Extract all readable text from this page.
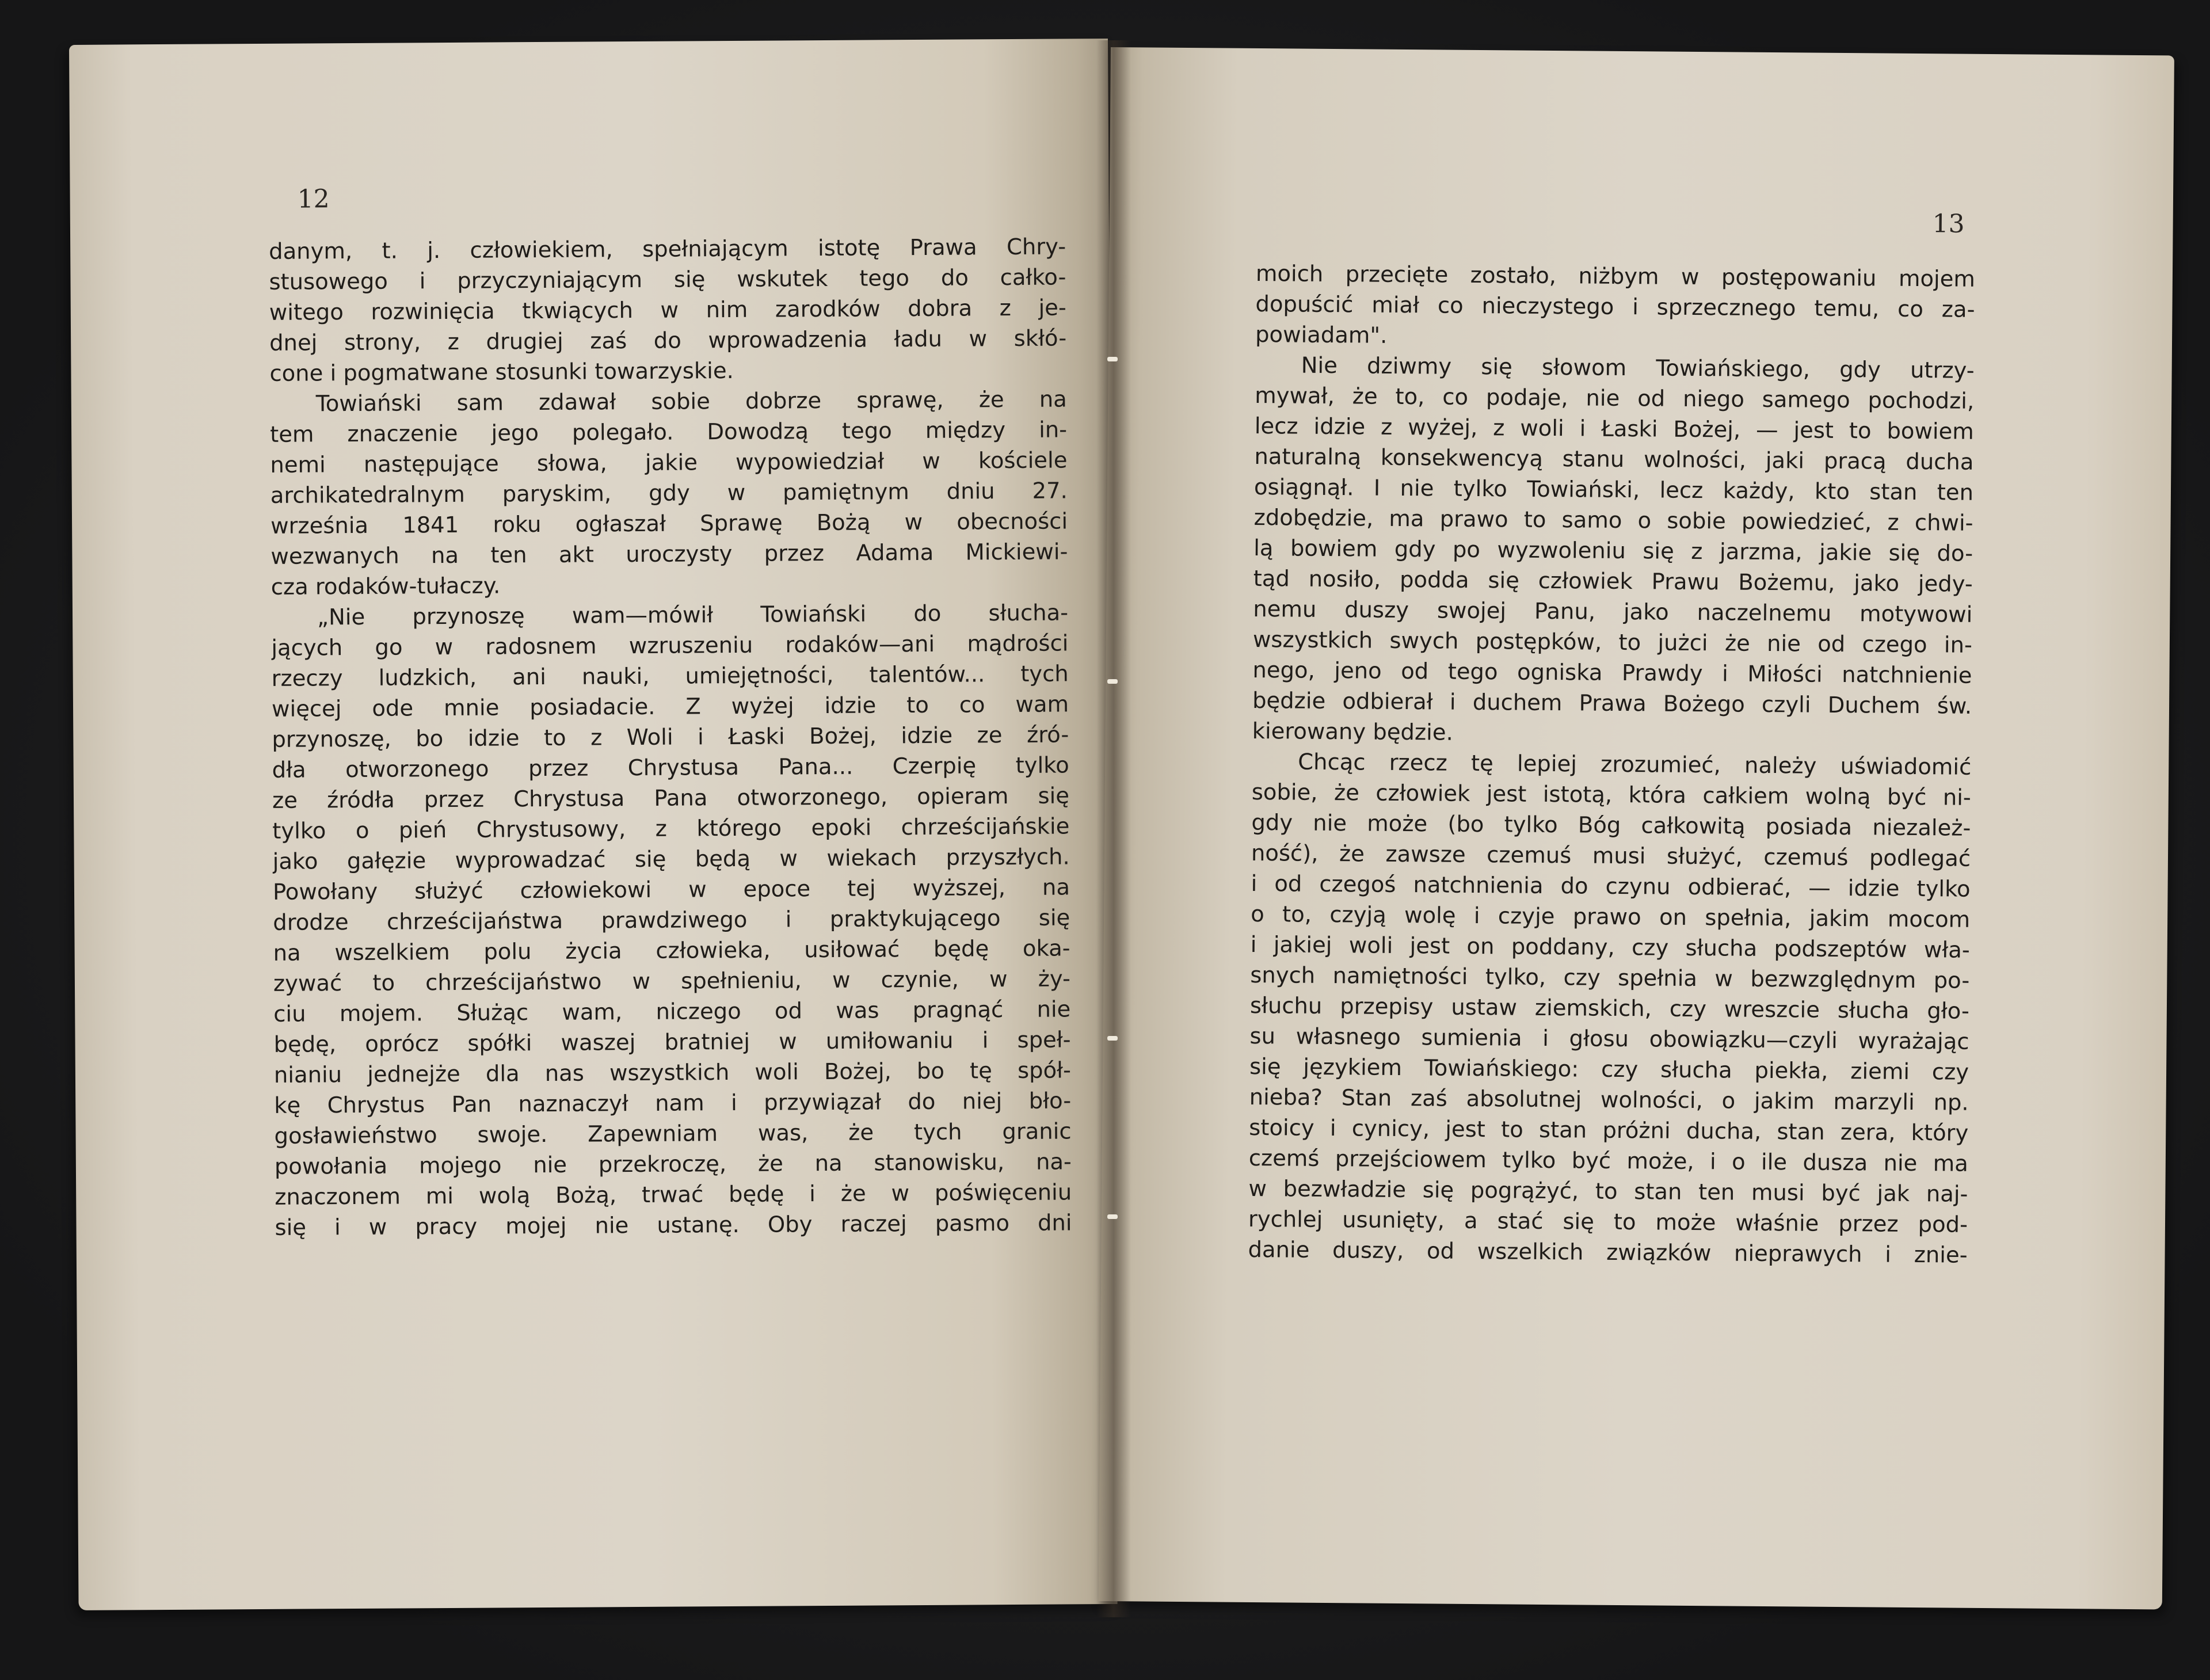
12
danym, t. j. człowiekiem, spełniającym istotę Prawa Chry-
stusowego i przyczyniającym się wskutek tego do całko-
witego rozwinięcia tkwiących w nim zarodków dobra z je-
dnej strony, z drugiej zaś do wprowadzenia ładu w skłó-
cone i pogmatwane stosunki towarzyskie.
Towiański sam zdawał sobie dobrze sprawę, że na
tem znaczenie jego polegało. Dowodzą tego między in-
nemi następujące słowa, jakie wypowiedział w kościele
archikatedralnym paryskim, gdy w pamiętnym dniu 27.
września 1841 roku ogłaszał Sprawę Bożą w obecności
wezwanych na ten akt uroczysty przez Adama Mickiewi-
cza rodaków-tułaczy.
„Nie przynoszę wam—mówił Towiański do słucha-
jących go w radosnem wzruszeniu rodaków—ani mądrości
rzeczy ludzkich, ani nauki, umiejętności, talentów... tych
więcej ode mnie posiadacie. Z wyżej idzie to co wam
przynoszę, bo idzie to z Woli i Łaski Bożej, idzie ze źró-
dła otworzonego przez Chrystusa Pana... Czerpię tylko
ze źródła przez Chrystusa Pana otworzonego, opieram się
tylko o pień Chrystusowy, z którego epoki chrześcijańskie
jako gałęzie wyprowadzać się będą w wiekach przyszłych.
Powołany służyć człowiekowi w epoce tej wyższej, na
drodze chrześcijaństwa prawdziwego i praktykującego się
na wszelkiem polu życia człowieka, usiłować będę oka-
zywać to chrześcijaństwo w spełnieniu, w czynie, w ży-
ciu mojem. Służąc wam, niczego od was pragnąć nie
będę, oprócz spółki waszej bratniej w umiłowaniu i speł-
nianiu jednejże dla nas wszystkich woli Bożej, bo tę spół-
kę Chrystus Pan naznaczył nam i przywiązał do niej bło-
gosławieństwo swoje. Zapewniam was, że tych granic
powołania mojego nie przekroczę, że na stanowisku, na-
znaczonem mi wolą Bożą, trwać będę i że w poświęceniu
się i w pracy mojej nie ustanę. Oby raczej pasmo dni
13
moich przecięte zostało, niżbym w postępowaniu mojem
dopuścić miał co nieczystego i sprzecznego temu, co za-
powiadam".
Nie dziwmy się słowom Towiańskiego, gdy utrzy-
mywał, że to, co podaje, nie od niego samego pochodzi,
lecz idzie z wyżej, z woli i Łaski Bożej, — jest to bowiem
naturalną konsekwencyą stanu wolności, jaki pracą ducha
osiągnął. I nie tylko Towiański, lecz każdy, kto stan ten
zdobędzie, ma prawo to samo o sobie powiedzieć, z chwi-
lą bowiem gdy po wyzwoleniu się z jarzma, jakie się do-
tąd nosiło, podda się człowiek Prawu Bożemu, jako jedy-
nemu duszy swojej Panu, jako naczelnemu motywowi
wszystkich swych postępków, to jużci że nie od czego in-
nego, jeno od tego ogniska Prawdy i Miłości natchnienie
będzie odbierał i duchem Prawa Bożego czyli Duchem św.
kierowany będzie.
Chcąc rzecz tę lepiej zrozumieć, należy uświadomić
sobie, że człowiek jest istotą, która całkiem wolną być ni-
gdy nie może (bo tylko Bóg całkowitą posiada niezależ-
ność), że zawsze czemuś musi służyć, czemuś podlegać
i od czegoś natchnienia do czynu odbierać, — idzie tylko
o to, czyją wolę i czyje prawo on spełnia, jakim mocom
i jakiej woli jest on poddany, czy słucha podszeptów wła-
snych namiętności tylko, czy spełnia w bezwzględnym po-
słuchu przepisy ustaw ziemskich, czy wreszcie słucha gło-
su własnego sumienia i głosu obowiązku—czyli wyrażając
się językiem Towiańskiego: czy słucha piekła, ziemi czy
nieba? Stan zaś absolutnej wolności, o jakim marzyli np.
stoicy i cynicy, jest to stan próżni ducha, stan zera, który
czemś przejściowem tylko być może, i o ile dusza nie ma
w bezwładzie się pogrążyć, to stan ten musi być jak naj-
rychlej usunięty, a stać się to może właśnie przez pod-
danie duszy, od wszelkich związków nieprawych i znie-
